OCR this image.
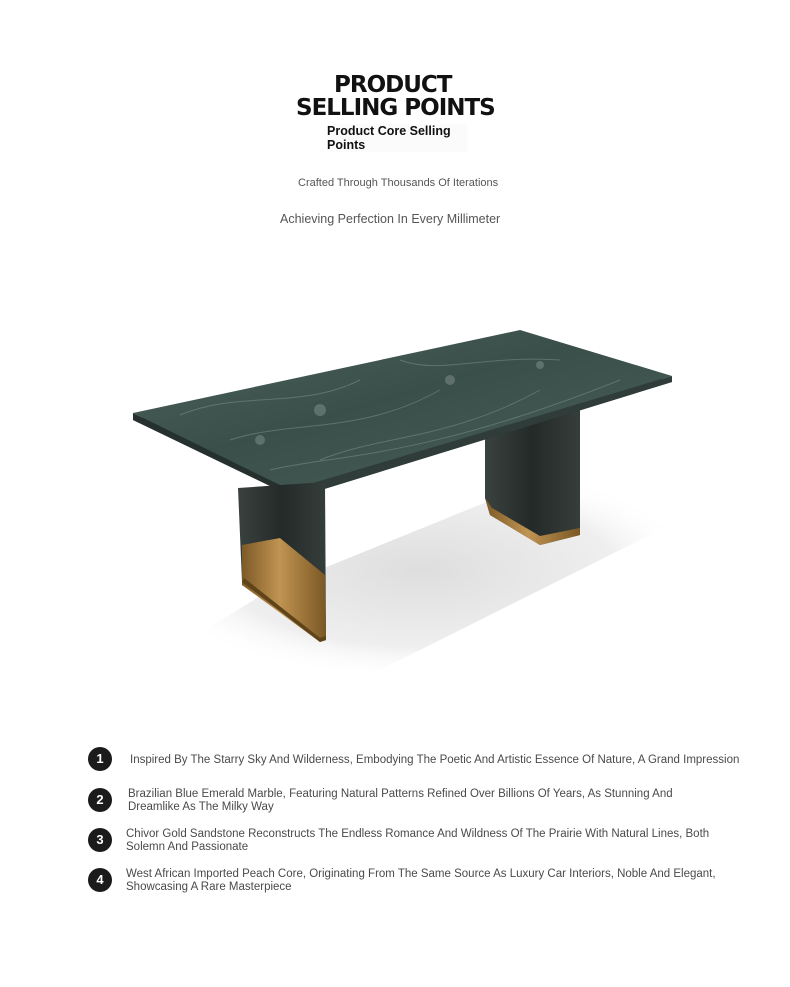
PRODUCT
SELLING POINTS
Product Core Selling Points
Crafted Through Thousands Of Iterations
Achieving Perfection In Every Millimeter
1	Inspired By The Starry Sky And Wilderness, Embodying The Poetic And Artistic Essence Of Nature, A Grand Impression
2	Brazilian Blue Emerald Marble, Featuring Natural Patterns Refined Over Billions Of Years, As Stunning And Dreamlike As The Milky Way
3	Chivor Gold Sandstone Reconstructs The Endless Romance And Wildness Of The Prairie With Natural Lines, Both Solemn And Passionate
4	West African Imported Peach Core, Originating From The Same Source As Luxury Car Interiors, Noble And Elegant, Showcasing A Rare Masterpiece
